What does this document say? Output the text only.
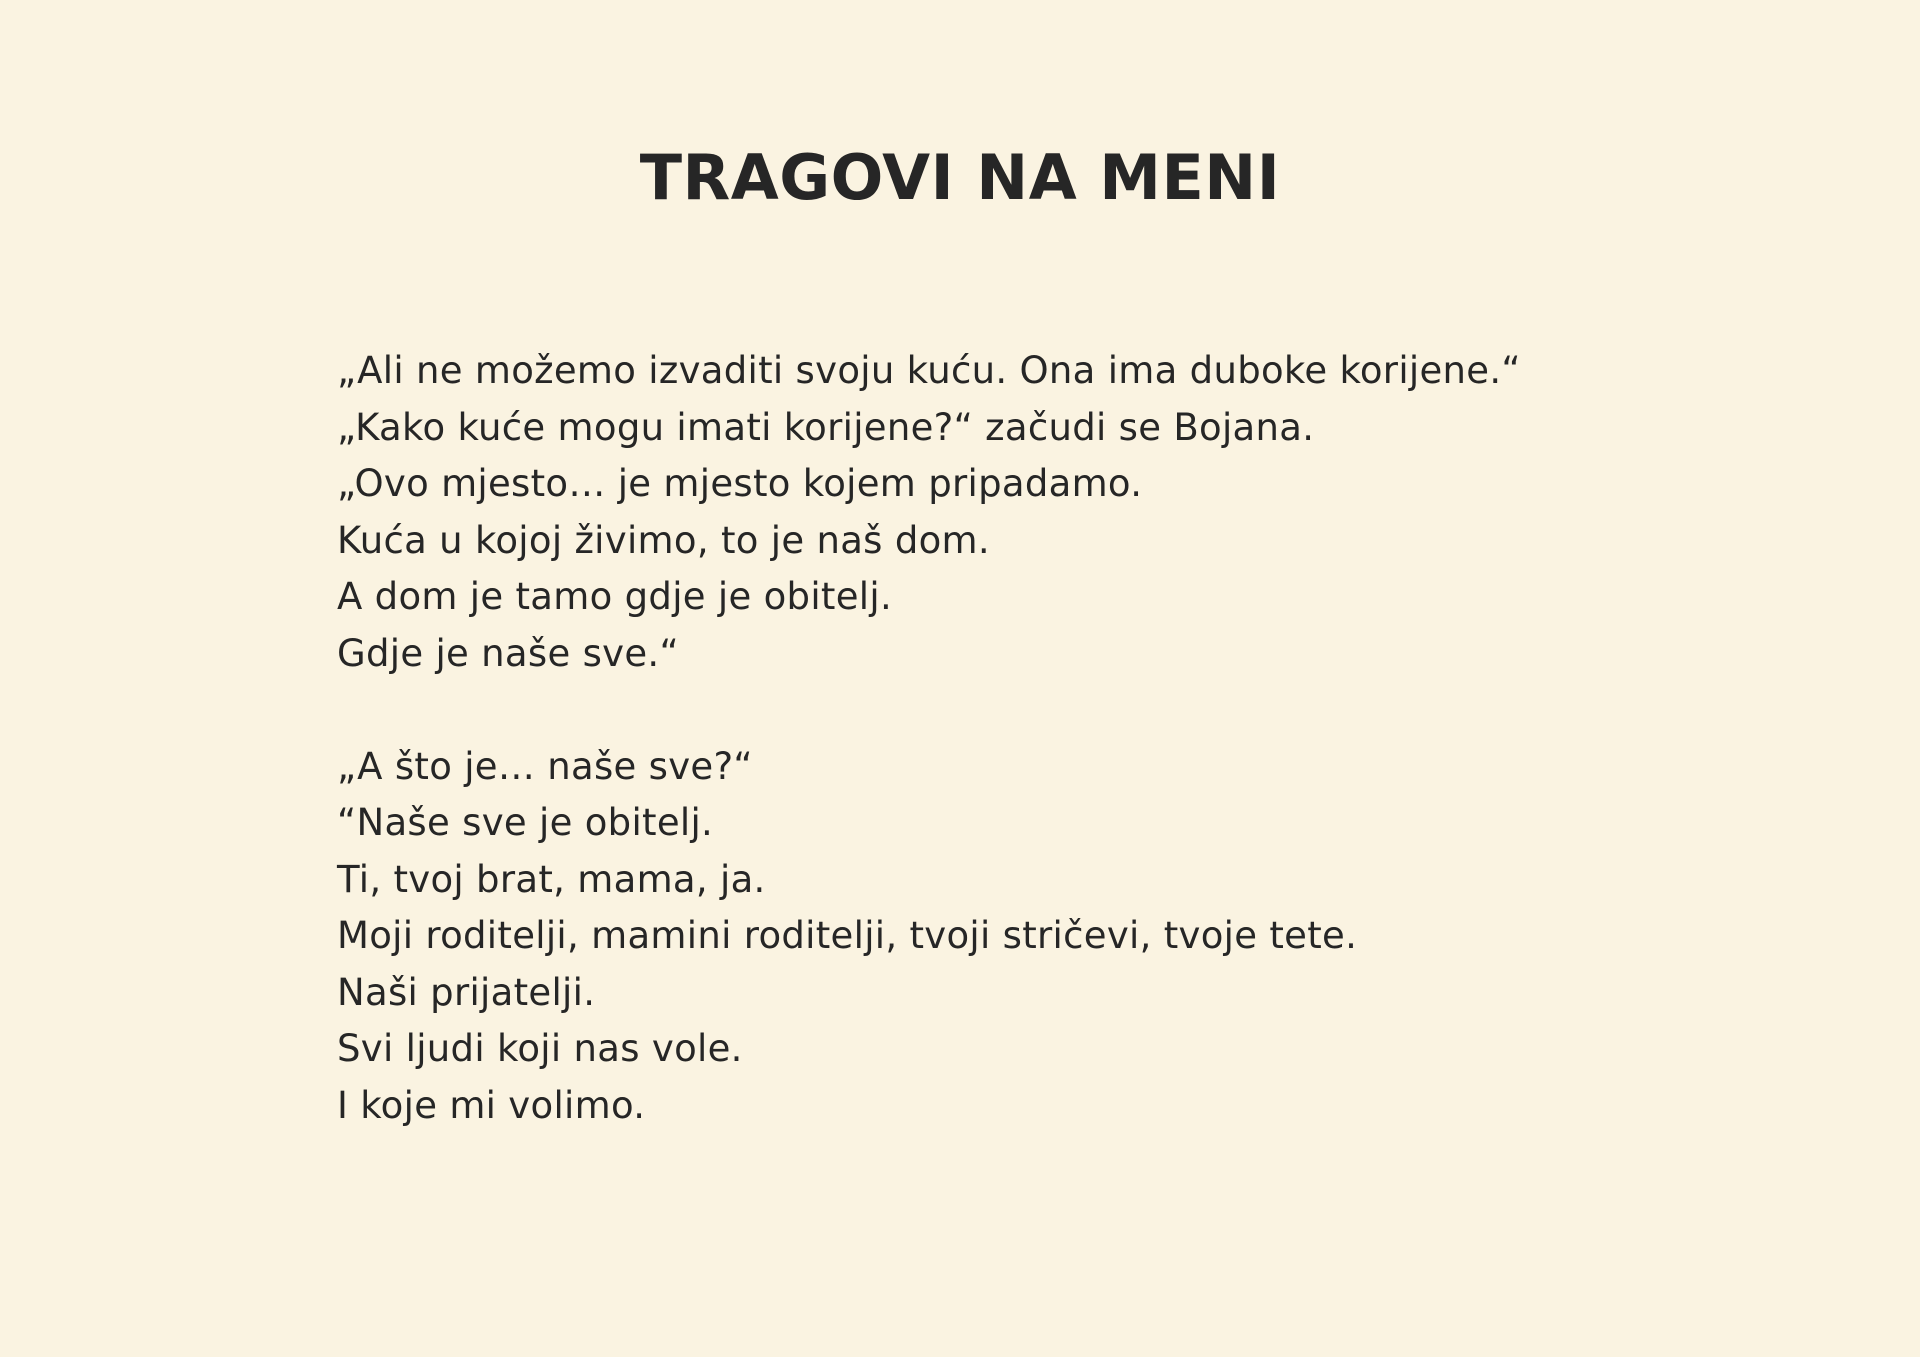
TRAGOVI NA MENI

„Ali ne možemo izvaditi svoju kuću. Ona ima duboke korijene.“
„Kako kuće mogu imati korijene?“ začudi se Bojana.
„Ovo mjesto… je mjesto kojem pripadamo.
Kuća u kojoj živimo, to je naš dom.
A dom je tamo gdje je obitelj.
Gdje je naše sve.“

„A što je… naše sve?“
“Naše sve je obitelj.
Ti, tvoj brat, mama, ja.
Moji roditelji, mamini roditelji, tvoji stričevi, tvoje tete.
Naši prijatelji.
Svi ljudi koji nas vole.
I koje mi volimo.
